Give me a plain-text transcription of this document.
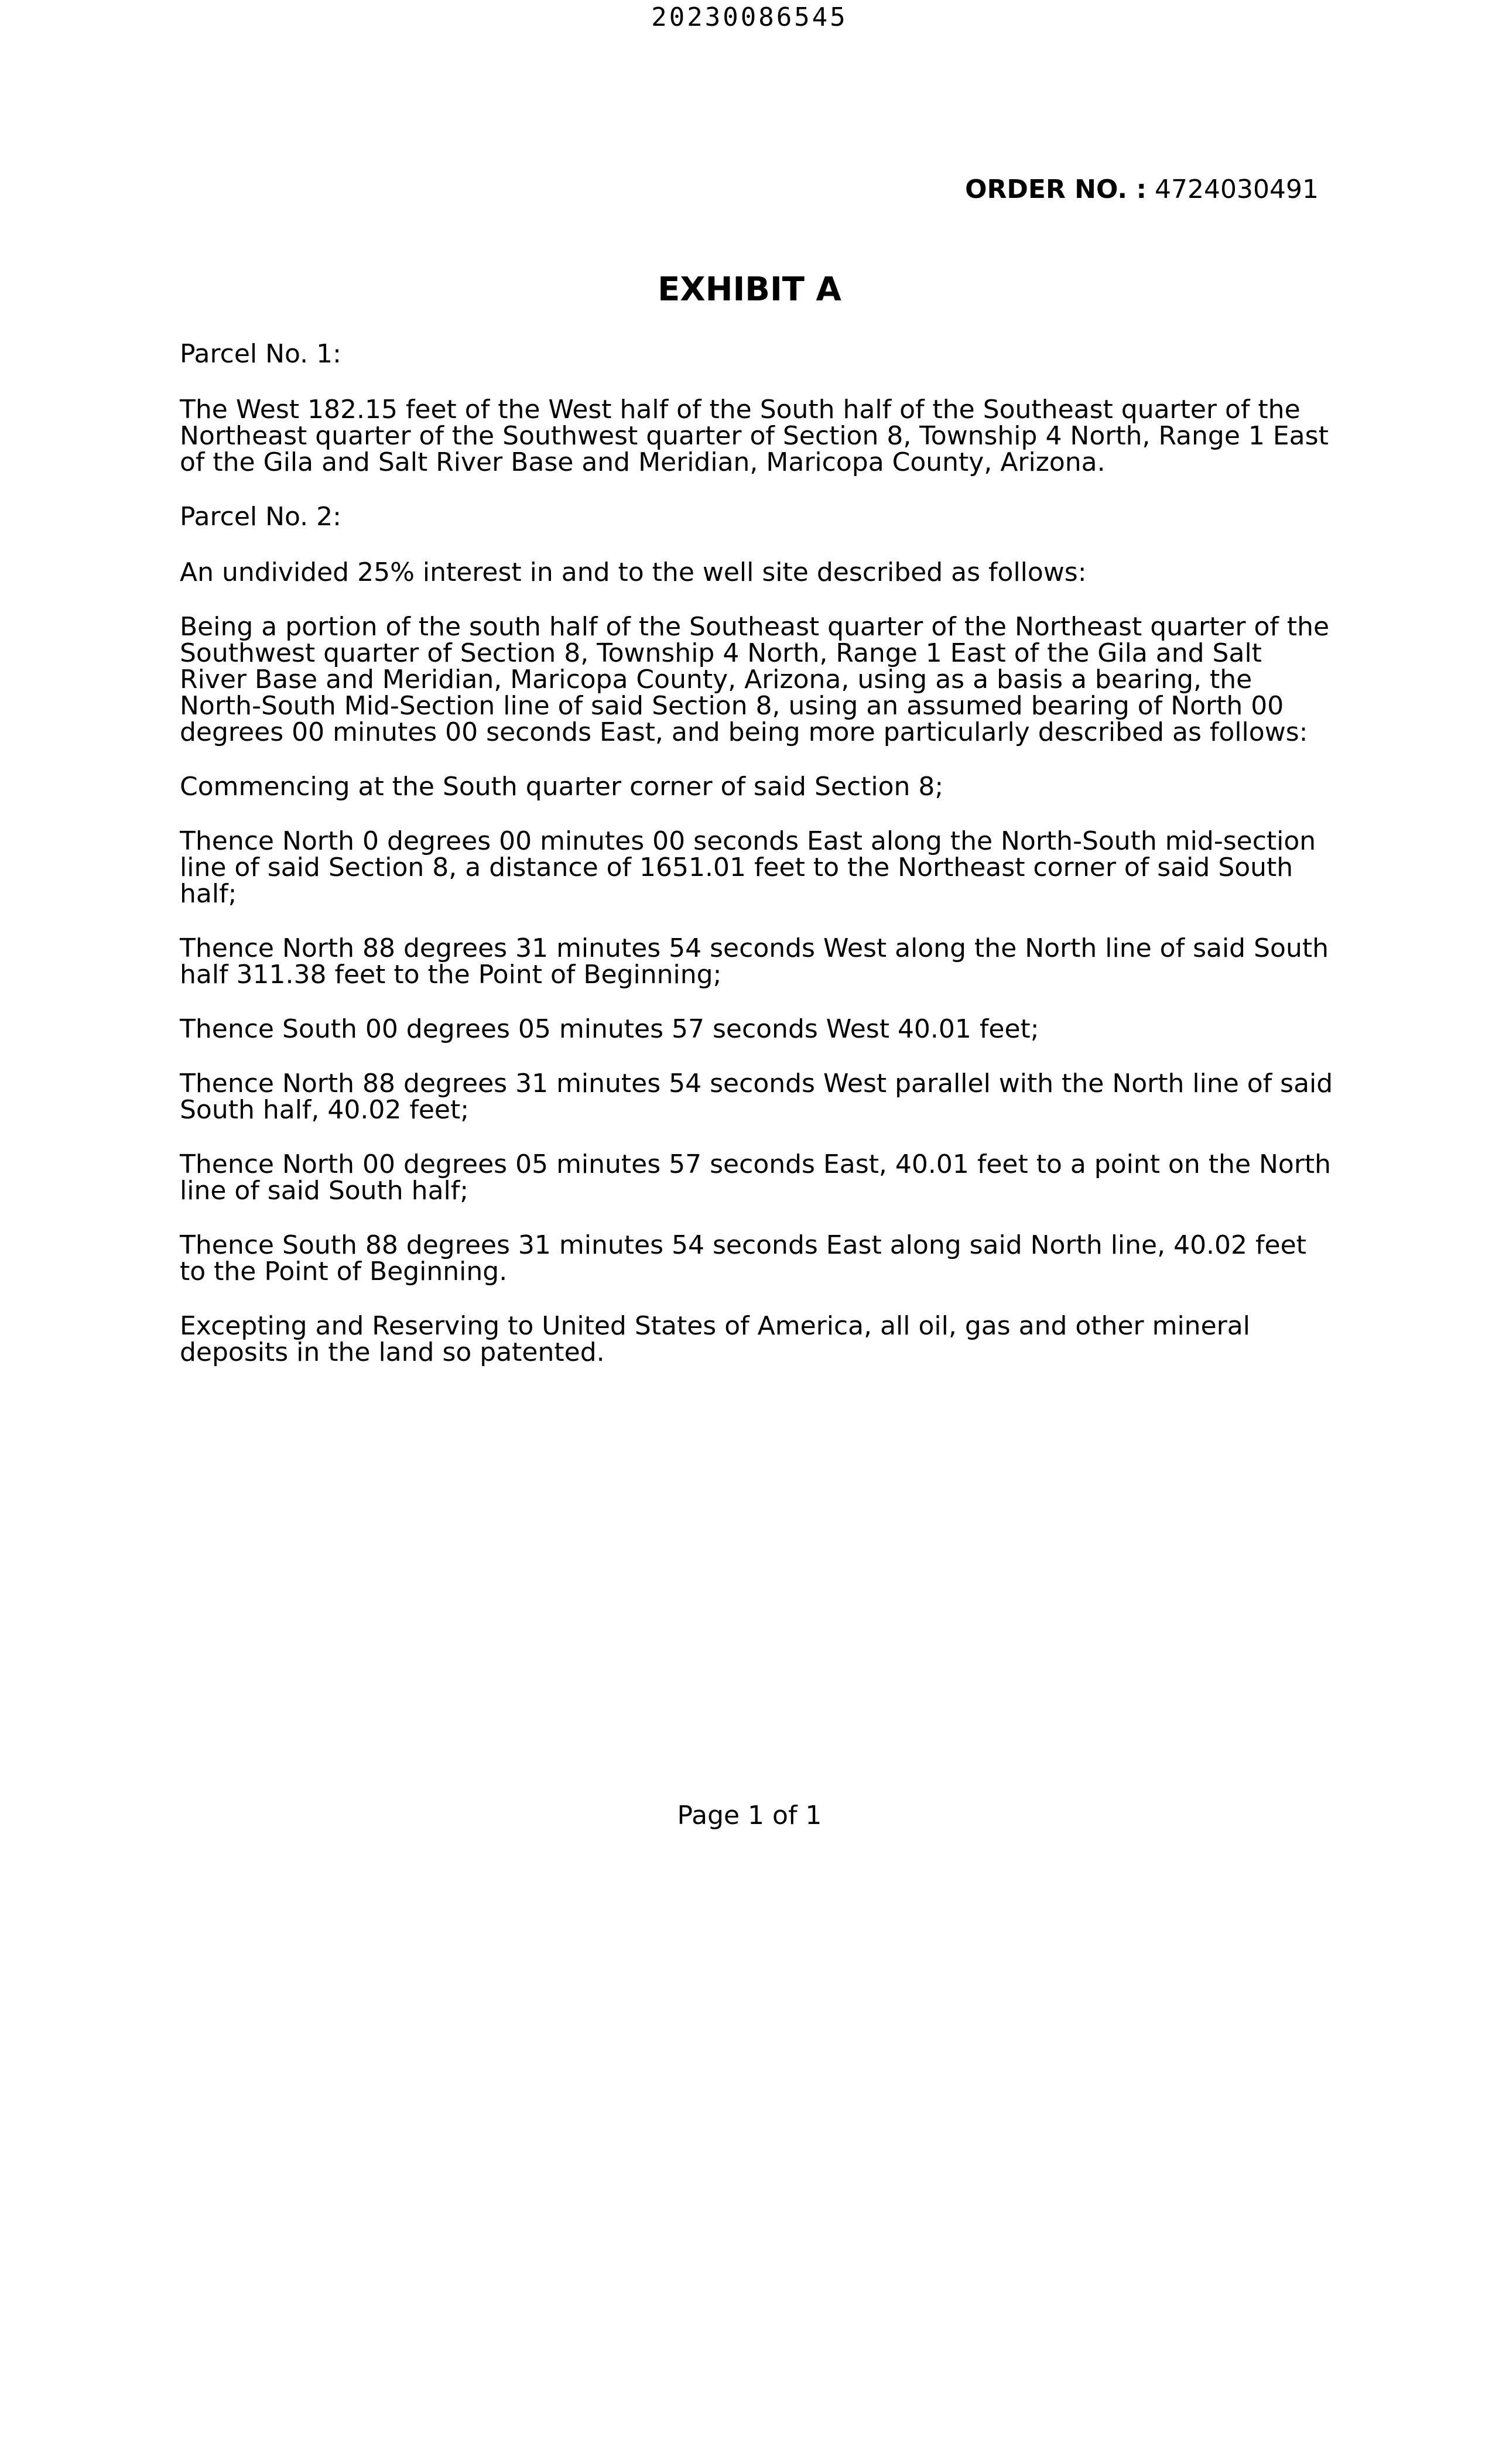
20230086545
ORDER NO. : 4724030491
EXHIBIT A

Parcel No. 1:

The West 182.15 feet of the West half of the South half of the Southeast quarter of the Northeast quarter of the Southwest quarter of Section 8, Township 4 North, Range 1 East of the Gila and Salt River Base and Meridian, Maricopa County, Arizona.

Parcel No. 2:

An undivided 25% interest in and to the well site described as follows:

Being a portion of the south half of the Southeast quarter of the Northeast quarter of the Southwest quarter of Section 8, Township 4 North, Range 1 East of the Gila and Salt River Base and Meridian, Maricopa County, Arizona, using as a basis a bearing, the North-South Mid-Section line of said Section 8, using an assumed bearing of North 00 degrees 00 minutes 00 seconds East, and being more particularly described as follows:

Commencing at the South quarter corner of said Section 8;

Thence North 0 degrees 00 minutes 00 seconds East along the North-South mid-section line of said Section 8, a distance of 1651.01 feet to the Northeast corner of said South half;

Thence North 88 degrees 31 minutes 54 seconds West along the North line of said South half 311.38 feet to the Point of Beginning;

Thence South 00 degrees 05 minutes 57 seconds West 40.01 feet;

Thence North 88 degrees 31 minutes 54 seconds West parallel with the North line of said South half, 40.02 feet;

Thence North 00 degrees 05 minutes 57 seconds East, 40.01 feet to a point on the North line of said South half;

Thence South 88 degrees 31 minutes 54 seconds East along said North line, 40.02 feet to the Point of Beginning.

Excepting and Reserving to United States of America, all oil, gas and other mineral deposits in the land so patented.

Page 1 of 1
